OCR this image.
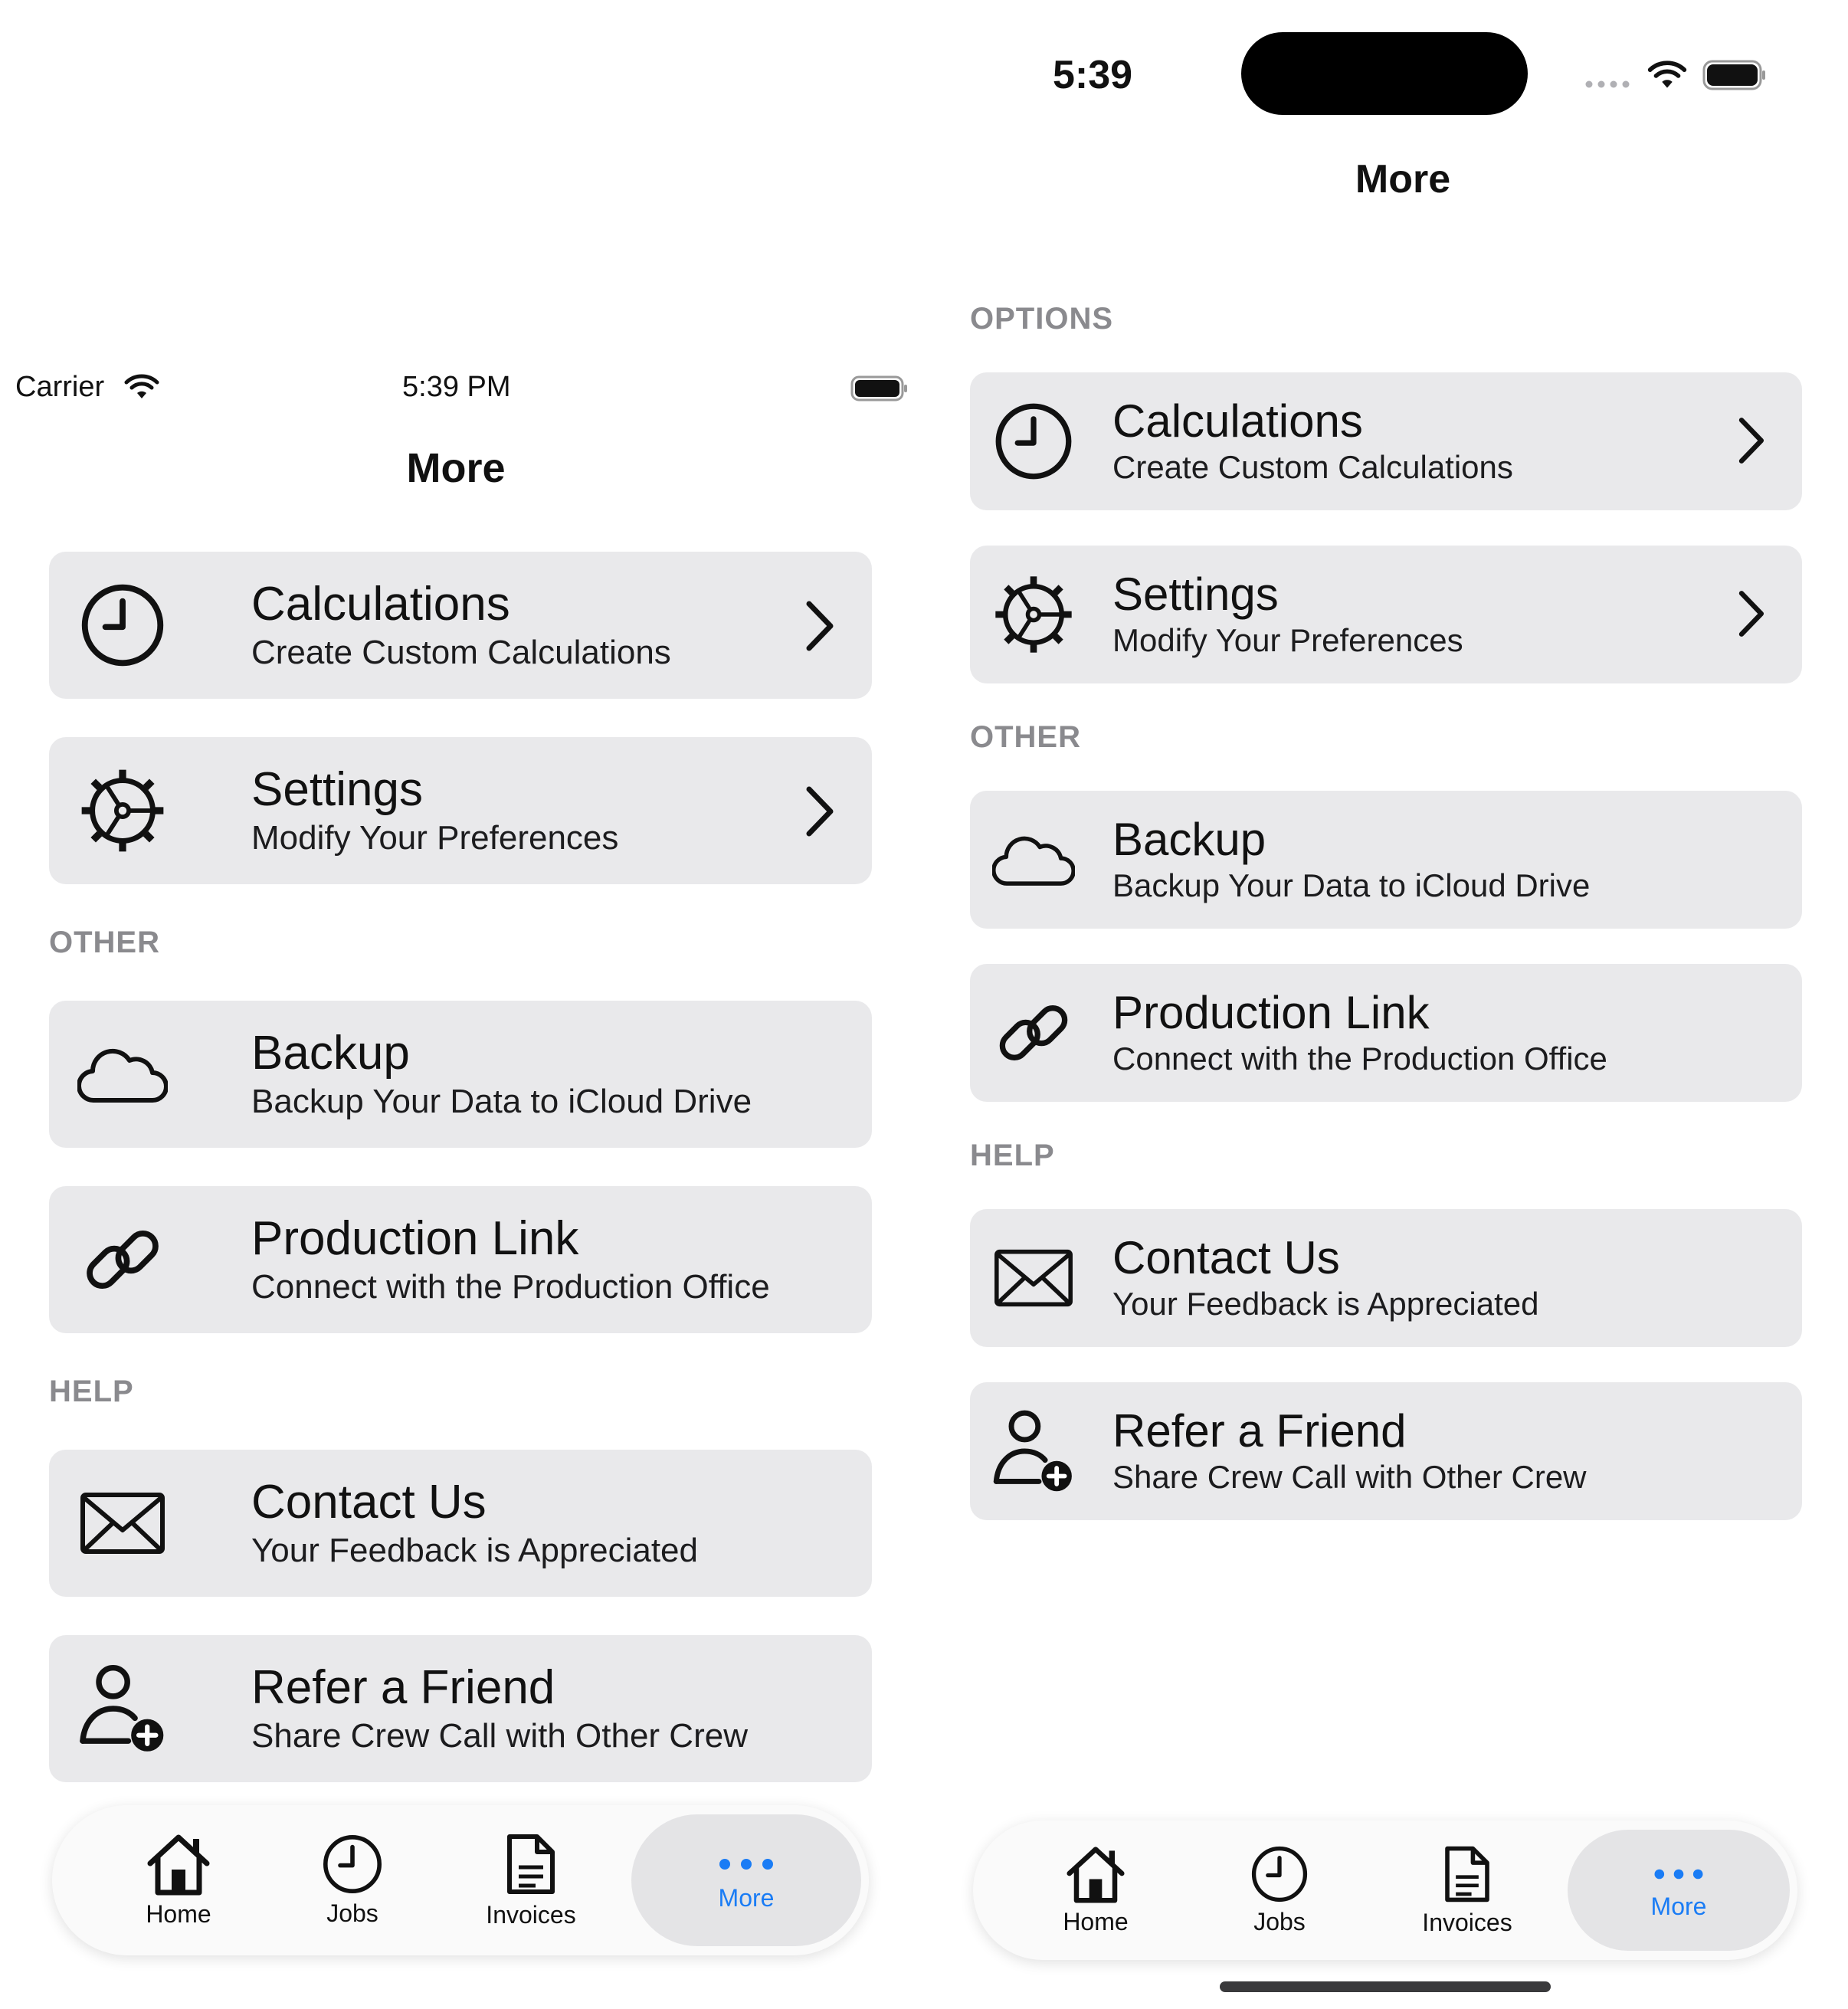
Carrier	5:39 PM
More
Calculations
Create Custom Calculations
Settings
Modify Your Preferences
OTHER
Backup
Backup Your Data to iCloud Drive
Production Link
Connect with the Production Office
HELP
Contact Us
Your Feedback is Appreciated
Refer a Friend
Share Crew Call with Other Crew
Home	Jobs	Invoices
More
5:39
More
OPTIONS
Calculations
Create Custom Calculations
Settings
Modify Your Preferences
OTHER
Backup
Backup Your Data to iCloud Drive
Production Link
Connect with the Production Office
HELP
Contact Us
Your Feedback is Appreciated
Refer a Friend
Share Crew Call with Other Crew
Home	Jobs	Invoices
More
